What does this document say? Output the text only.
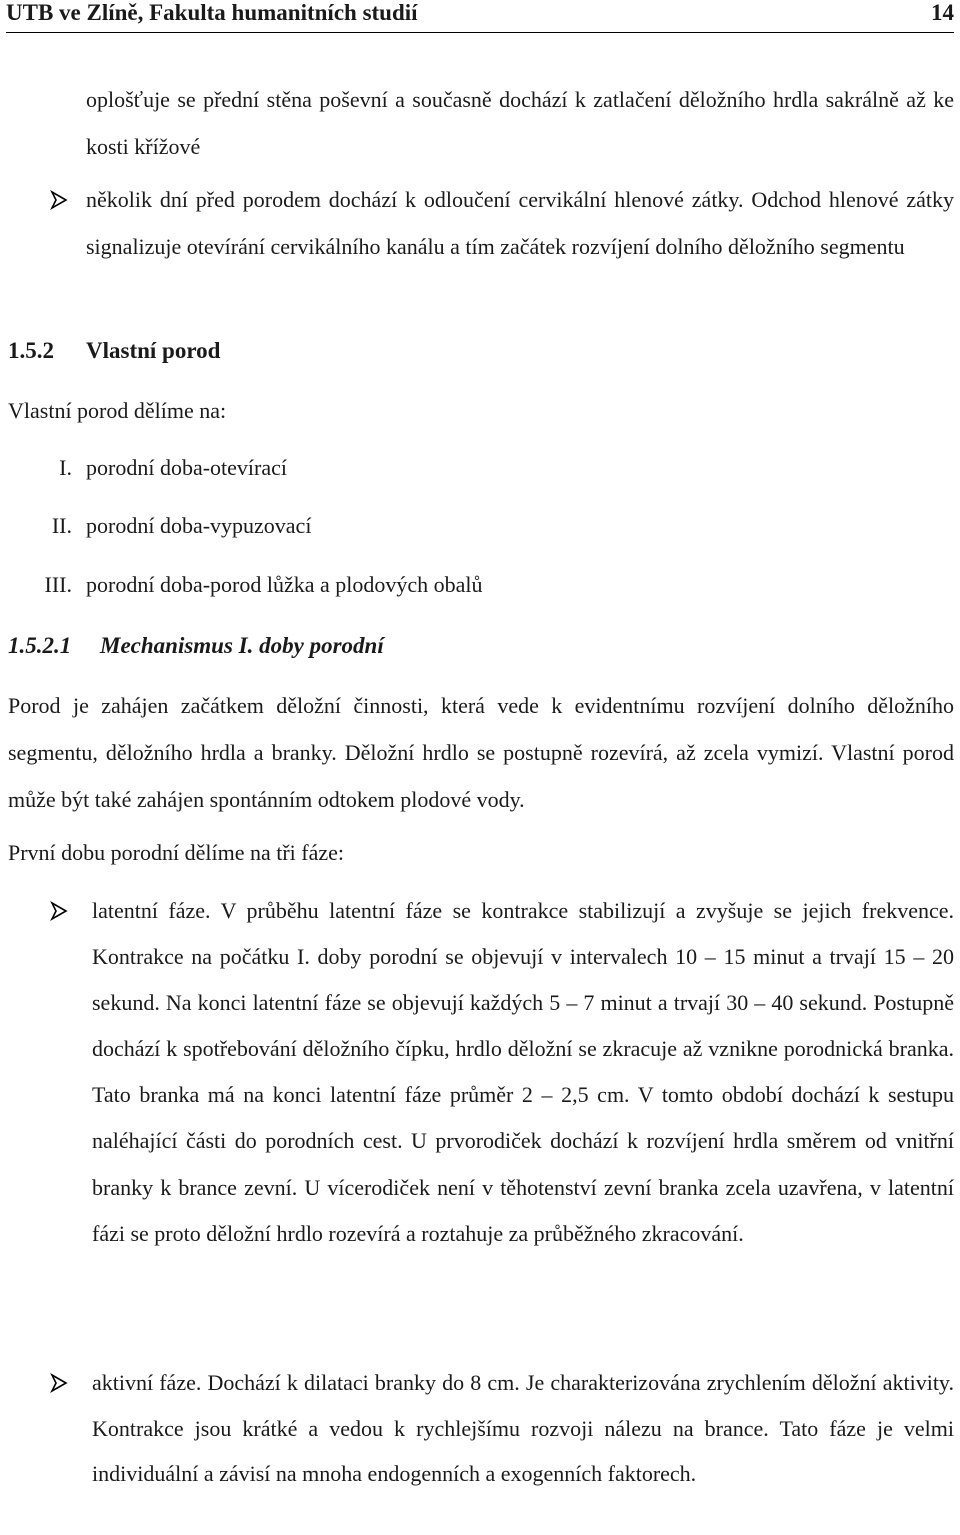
UTB ve Zlíně, Fakulta humanitních studií	14
oplošťuje se přední stěna poševní a současně dochází k zatlačení děložního hrdla sakrálně až ke kosti křížové
několik dní před porodem dochází k odloučení cervikální hlenové zátky. Odchod hlenové zátky signalizuje otevírání cervikálního kanálu a tím začátek rozvíjení dolního děložního segmentu
1.5.2 Vlastní porod
Vlastní porod dělíme na:
I. porodní doba-otevírací
II. porodní doba-vypuzovací
III. porodní doba-porod lůžka a plodových obalů
1.5.2.1 Mechanismus I. doby porodní
Porod je zahájen začátkem děložní činnosti, která vede k evidentnímu rozvíjení dolního děložního segmentu, děložního hrdla a branky. Děložní hrdlo se postupně rozevírá, až zcela vymizí. Vlastní porod může být také zahájen spontánním odtokem plodové vody.
První dobu porodní dělíme na tři fáze:
latentní fáze. V průběhu latentní fáze se kontrakce stabilizují a zvyšuje se jejich frekvence. Kontrakce na počátku I. doby porodní se objevují v intervalech 10 – 15 minut a trvají 15 – 20 sekund. Na konci latentní fáze se objevují každých 5 – 7 minut a trvají 30 – 40 sekund. Postupně dochází k spotřebování děložního čípku, hrdlo děložní se zkracuje až vznikne porodnická branka. Tato branka má na konci latentní fáze průměr 2 – 2,5 cm. V tomto období dochází k sestupu naléhající části do porodních cest. U prvorodiček dochází k rozvíjení hrdla směrem od vnitřní branky k brance zevní. U vícerodiček není v těhotenství zevní branka zcela uzavřena, v latentní fázi se proto děložní hrdlo rozevírá a roztahuje za průběžného zkracování.
aktivní fáze. Dochází k dilataci branky do 8 cm. Je charakterizována zrychlením děložní aktivity. Kontrakce jsou krátké a vedou k rychlejšímu rozvoji nálezu na brance. Tato fáze je velmi individuální a závisí na mnoha endogenních a exogenních faktorech.
